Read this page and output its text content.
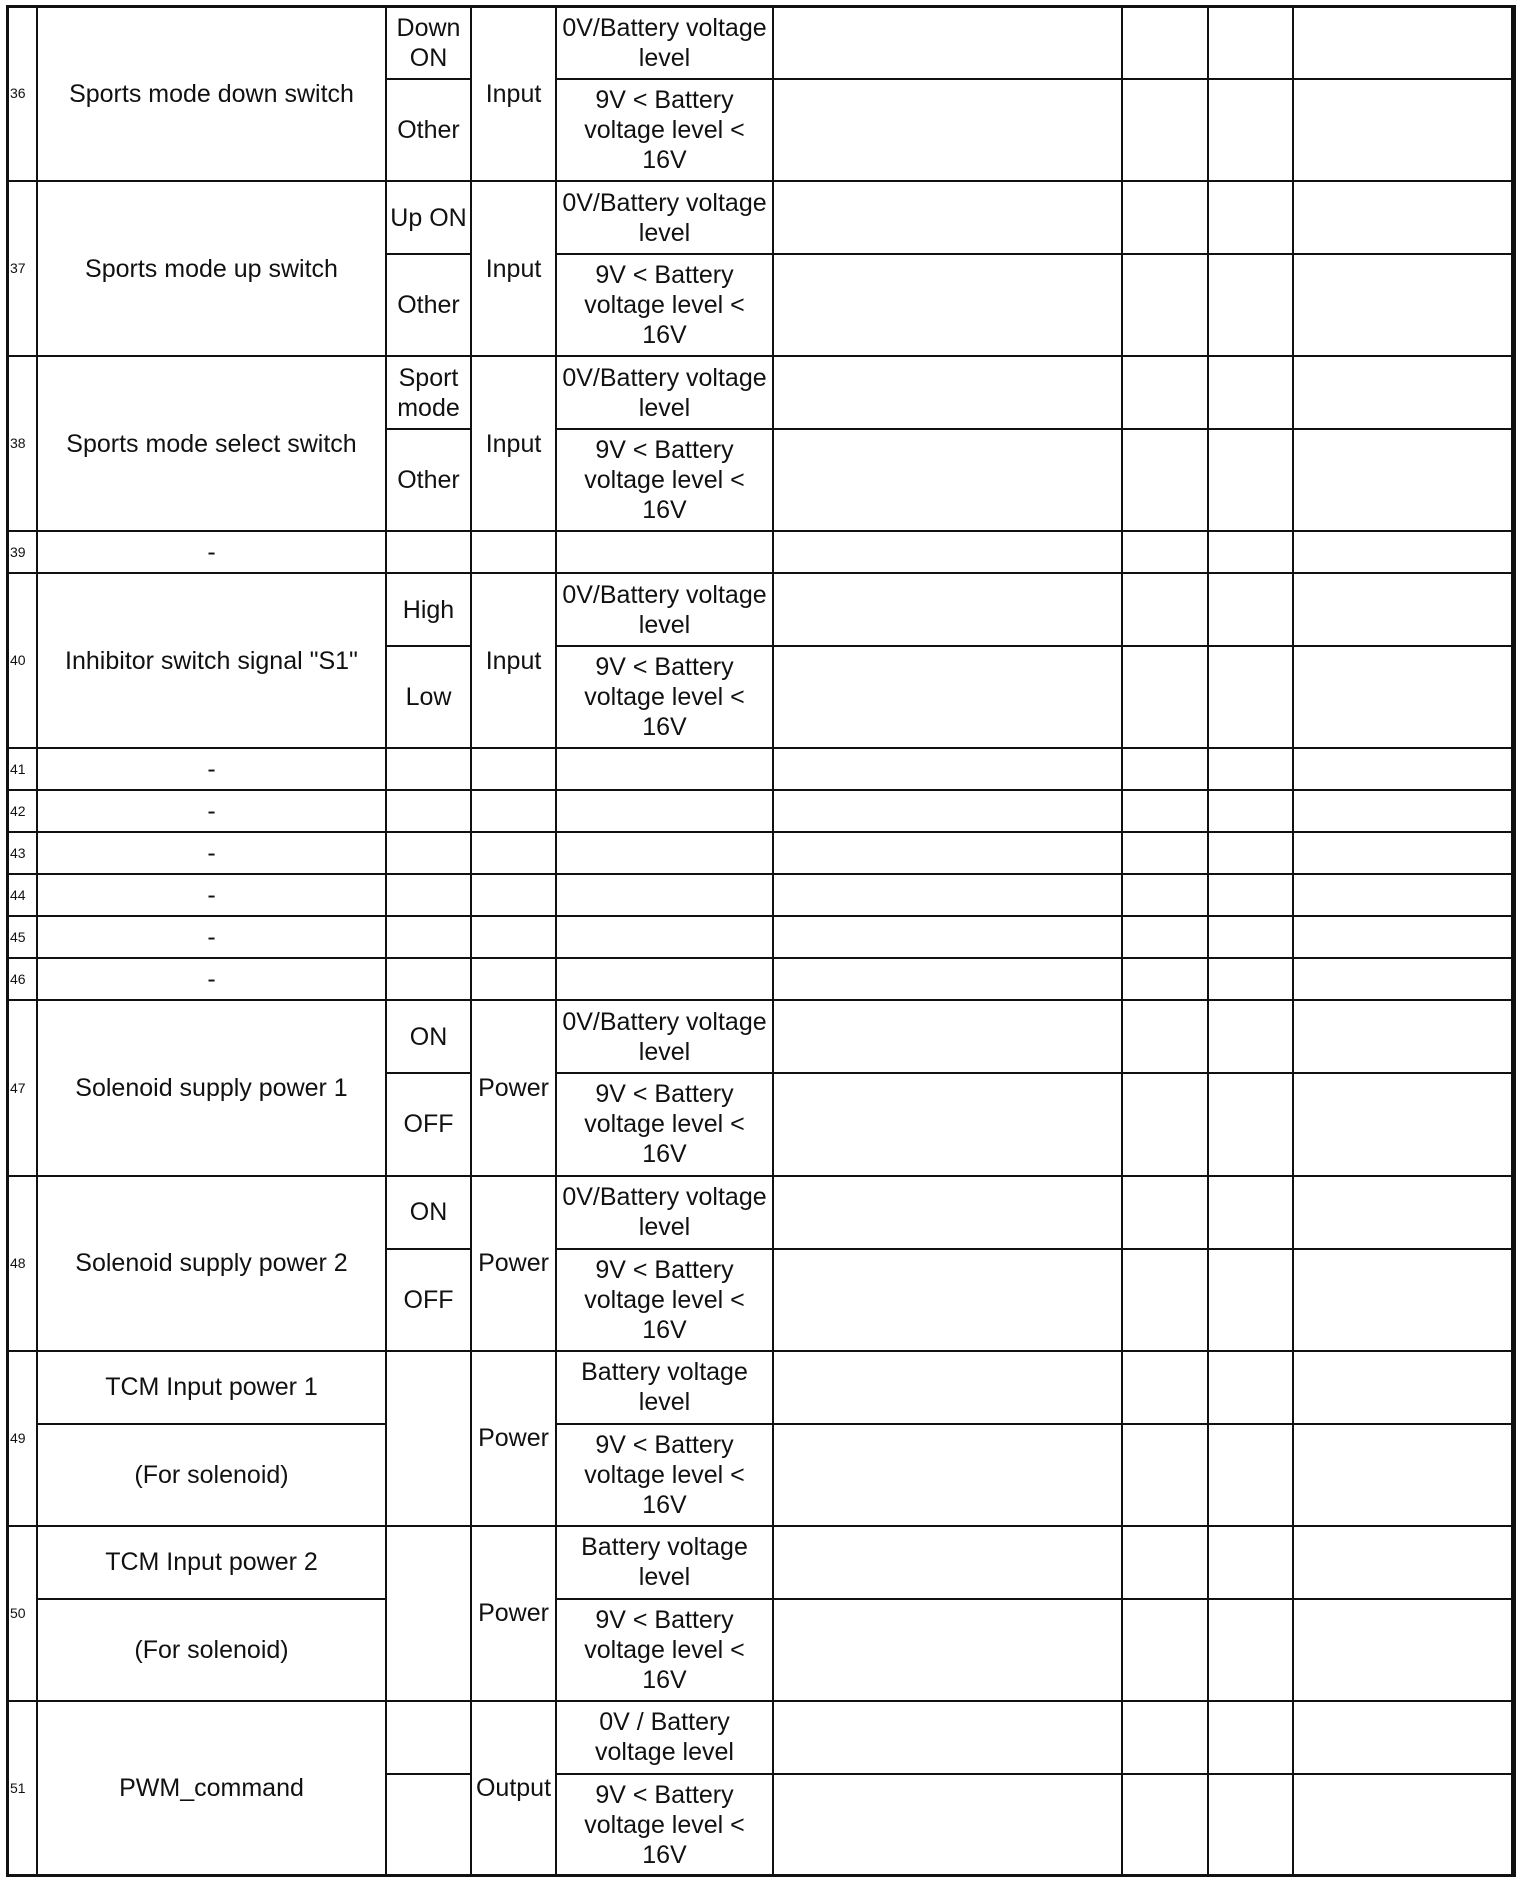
36	Sports mode down switch	Down ON	Input	0V/Battery voltage level				
		Other		9V < Battery voltage level < 16V				
37	Sports mode up switch	Up ON	Input	0V/Battery voltage level				
		Other		9V < Battery voltage level < 16V				
38	Sports mode select switch	Sport mode	Input	0V/Battery voltage level				
		Other		9V < Battery voltage level < 16V				
39	-							
40	Inhibitor switch signal "S1"	High	Input	0V/Battery voltage level				
		Low		9V < Battery voltage level < 16V				
41	-							
42	-							
43	-							
44	-							
45	-							
46	-							
47	Solenoid supply power 1	ON	Power	0V/Battery voltage level				
		OFF		9V < Battery voltage level < 16V				
48	Solenoid supply power 2	ON	Power	0V/Battery voltage level				
		OFF		9V < Battery voltage level < 16V				
49	TCM Input power 1		Power	Battery voltage level				
	(For solenoid)			9V < Battery voltage level < 16V				
50	TCM Input power 2		Power	Battery voltage level				
	(For solenoid)			9V < Battery voltage level < 16V				
51	PWM_command		Output	0V / Battery voltage level				
				9V < Battery voltage level < 16V				
